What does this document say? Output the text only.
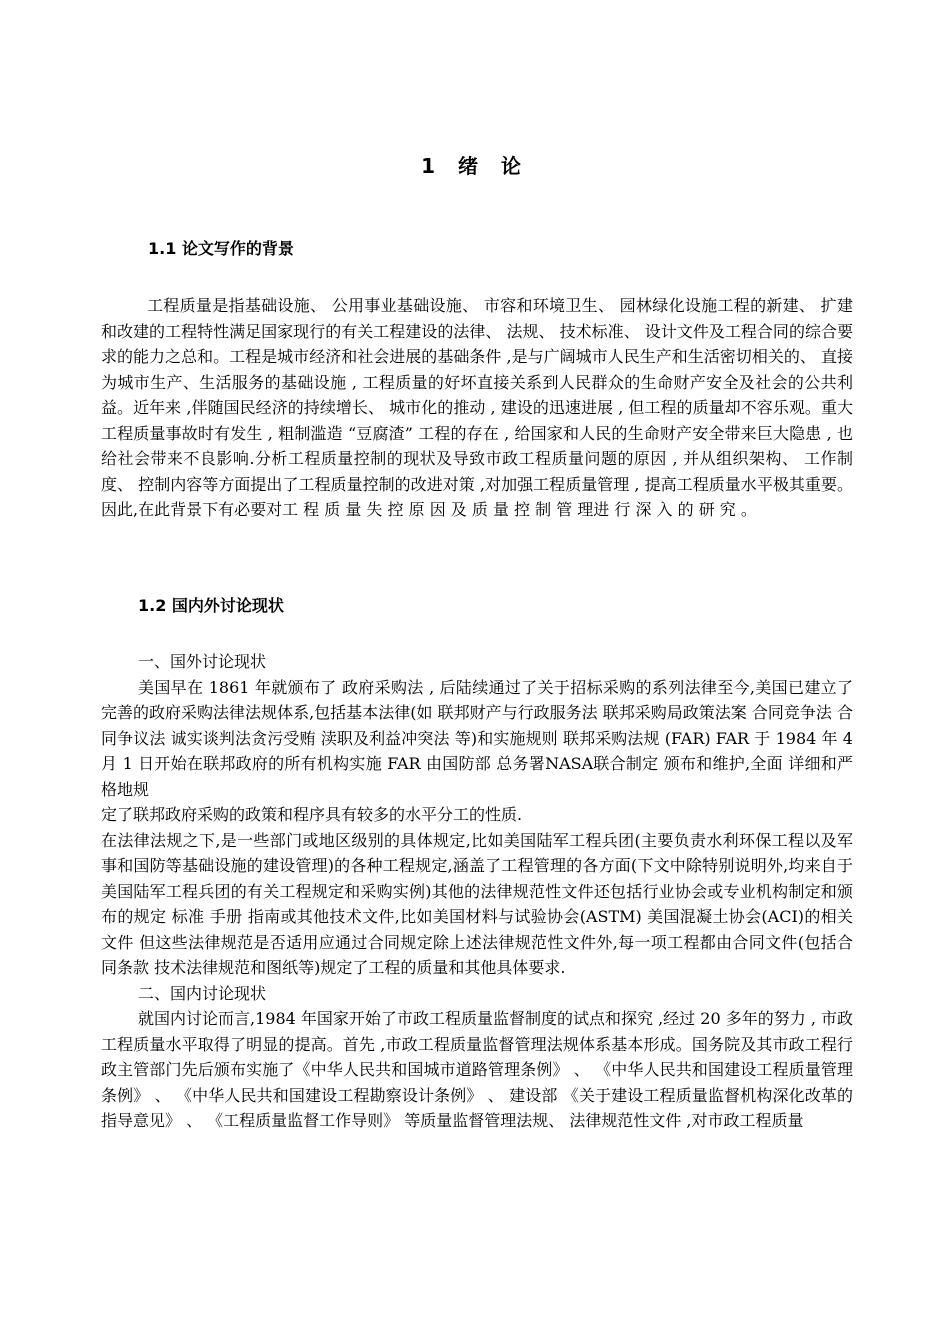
1 绪 论
1.1 论文写作的背景

工程质量是指基础设施、 公用事业基础设施、 市容和环境卫生、 园林绿化设施工程的新建、 扩建和改建的工程特性满足国家现行的有关工程建设的法律、 法规、 技术标准、 设计文件及工程合同的综合要求的能力之总和。工程是城市经济和社会进展的基础条件 ,是与广阔城市人民生产和生活密切相关的、 直接为城市生产、生活服务的基础设施 , 工程质量的好坏直接关系到人民群众的生命财产安全及社会的公共利益。近年来 ,伴随国民经济的持续增长、 城市化的推动 , 建设的迅速进展 , 但工程的质量却不容乐观。重大工程质量事故时有发生 , 粗制滥造 “豆腐渣” 工程的存在 , 给国家和人民的生命财产安全带来巨大隐患 , 也给社会带来不良影响.分析工程质量控制的现状及导致市政工程质量问题的原因 , 并从组织架构、 工作制度、 控制内容等方面提出了工程质量控制的改进对策 ,对加强工程质量管理 , 提高工程质量水平极其重要。因此,在此背景下有必要对工 程 质 量 失 控 原 因 及 质 量 控 制 管 理进 行 深 入 的 研 究 。

1.2 国内外讨论现状

一、国外讨论现状

美国早在 1861 年就颁布了 政府采购法 , 后陆续通过了关于招标采购的系列法律至今,美国已建立了完善的政府采购法律法规体系,包括基本法律(如 联邦财产与行政服务法 联邦采购局政策法案 合同竞争法 合同争议法 诚实谈判法贪污受贿 渎职及利益冲突法 等)和实施规则 联邦采购法规 (FAR) FAR 于 1984 年 4 月 1 日开始在联邦政府的所有机构实施 FAR 由国防部 总务署NASA联合制定 颁布和维护,全面 详细和严格地规

定了联邦政府采购的政策和程序具有较多的水平分工的性质.

在法律法规之下,是一些部门或地区级别的具体规定,比如美国陆军工程兵团(主要负责水利环保工程以及军事和国防等基础设施的建设管理)的各种工程规定,涵盖了工程管理的各方面(下文中除特别说明外,均来自于美国陆军工程兵团的有关工程规定和采购实例)其他的法律规范性文件还包括行业协会或专业机构制定和颁布的规定 标准 手册 指南或其他技术文件,比如美国材料与试验协会(ASTM) 美国混凝土协会(ACI)的相关文件 但这些法律规范是否适用应通过合同规定除上述法律规范性文件外,每一项工程都由合同文件(包括合同条款 技术法律规范和图纸等)规定了工程的质量和其他具体要求.

二、国内讨论现状

就国内讨论而言,1984 年国家开始了市政工程质量监督制度的试点和探究 ,经过 20 多年的努力 , 市政工程质量水平取得了明显的提高。首先 ,市政工程质量监督管理法规体系基本形成。国务院及其市政工程行政主管部门先后颁布实施了《中华人民共和国城市道路管理条例》 、 《中华人民共和国建设工程质量管理条例》 、 《中华人民共和国建设工程勘察设计条例》 、 建设部 《关于建设工程质量监督机构深化改革的指导意见》 、 《工程质量监督工作导则》 等质量监督管理法规、 法律规范性文件 ,对市政工程质量
